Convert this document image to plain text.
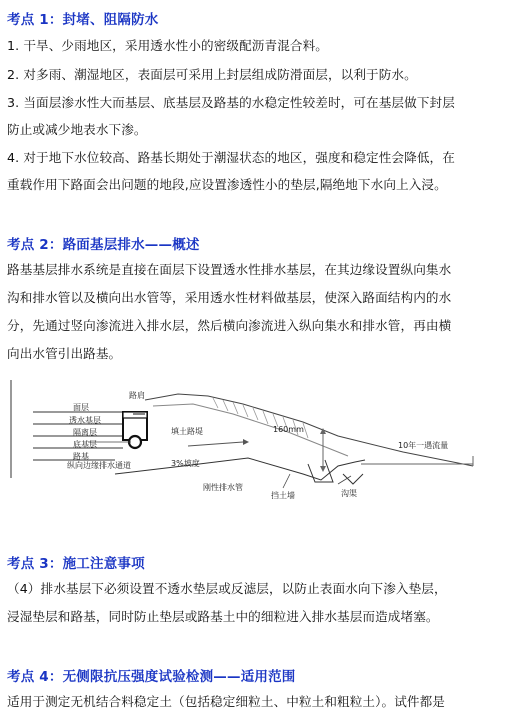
考点 1：封堵、阻隔防水
1. 干旱、少雨地区，采用透水性小的密级配沥青混合料。
2. 对多雨、潮湿地区，表面层可采用上封层组成防滑面层，以利于防水。
3. 当面层渗水性大而基层、底基层及路基的水稳定性较差时，可在基层做下封层
防止或减少地表水下渗。
4. 对于地下水位较高、路基长期处于潮湿状态的地区，强度和稳定性会降低，在
重载作用下路面会出问题的地段,应设置渗透性小的垫层,隔绝地下水向上入浸。
考点 2：路面基层排水——概述
路基基层排水系统是直接在面层下设置透水性排水基层，在其边缘设置纵向集水
沟和排水管以及横向出水管等，采用透水性材料做基层，使深入路面结构内的水
分，先通过竖向渗流进入排水层，然后横向渗流进入纵向集水和排水管，再由横
向出水管引出路基。
面层
路肩
透水基层
隔离层
底基层
路基
填土路堤	160mm
10年一遇流量
纵向边缘排水通道	3%坡度
刚性排水管
挡土墙	沟渠
考点 3：施工注意事项
（4）排水基层下必须设置不透水垫层或反滤层，以防止表面水向下渗入垫层，
浸湿垫层和路基，同时防止垫层或路基土中的细粒进入排水基层而造成堵塞。
考点 4：无侧限抗压强度试验检测——适用范围
适用于测定无机结合料稳定土（包括稳定细粒土、中粒土和粗粒土）。试件都是
